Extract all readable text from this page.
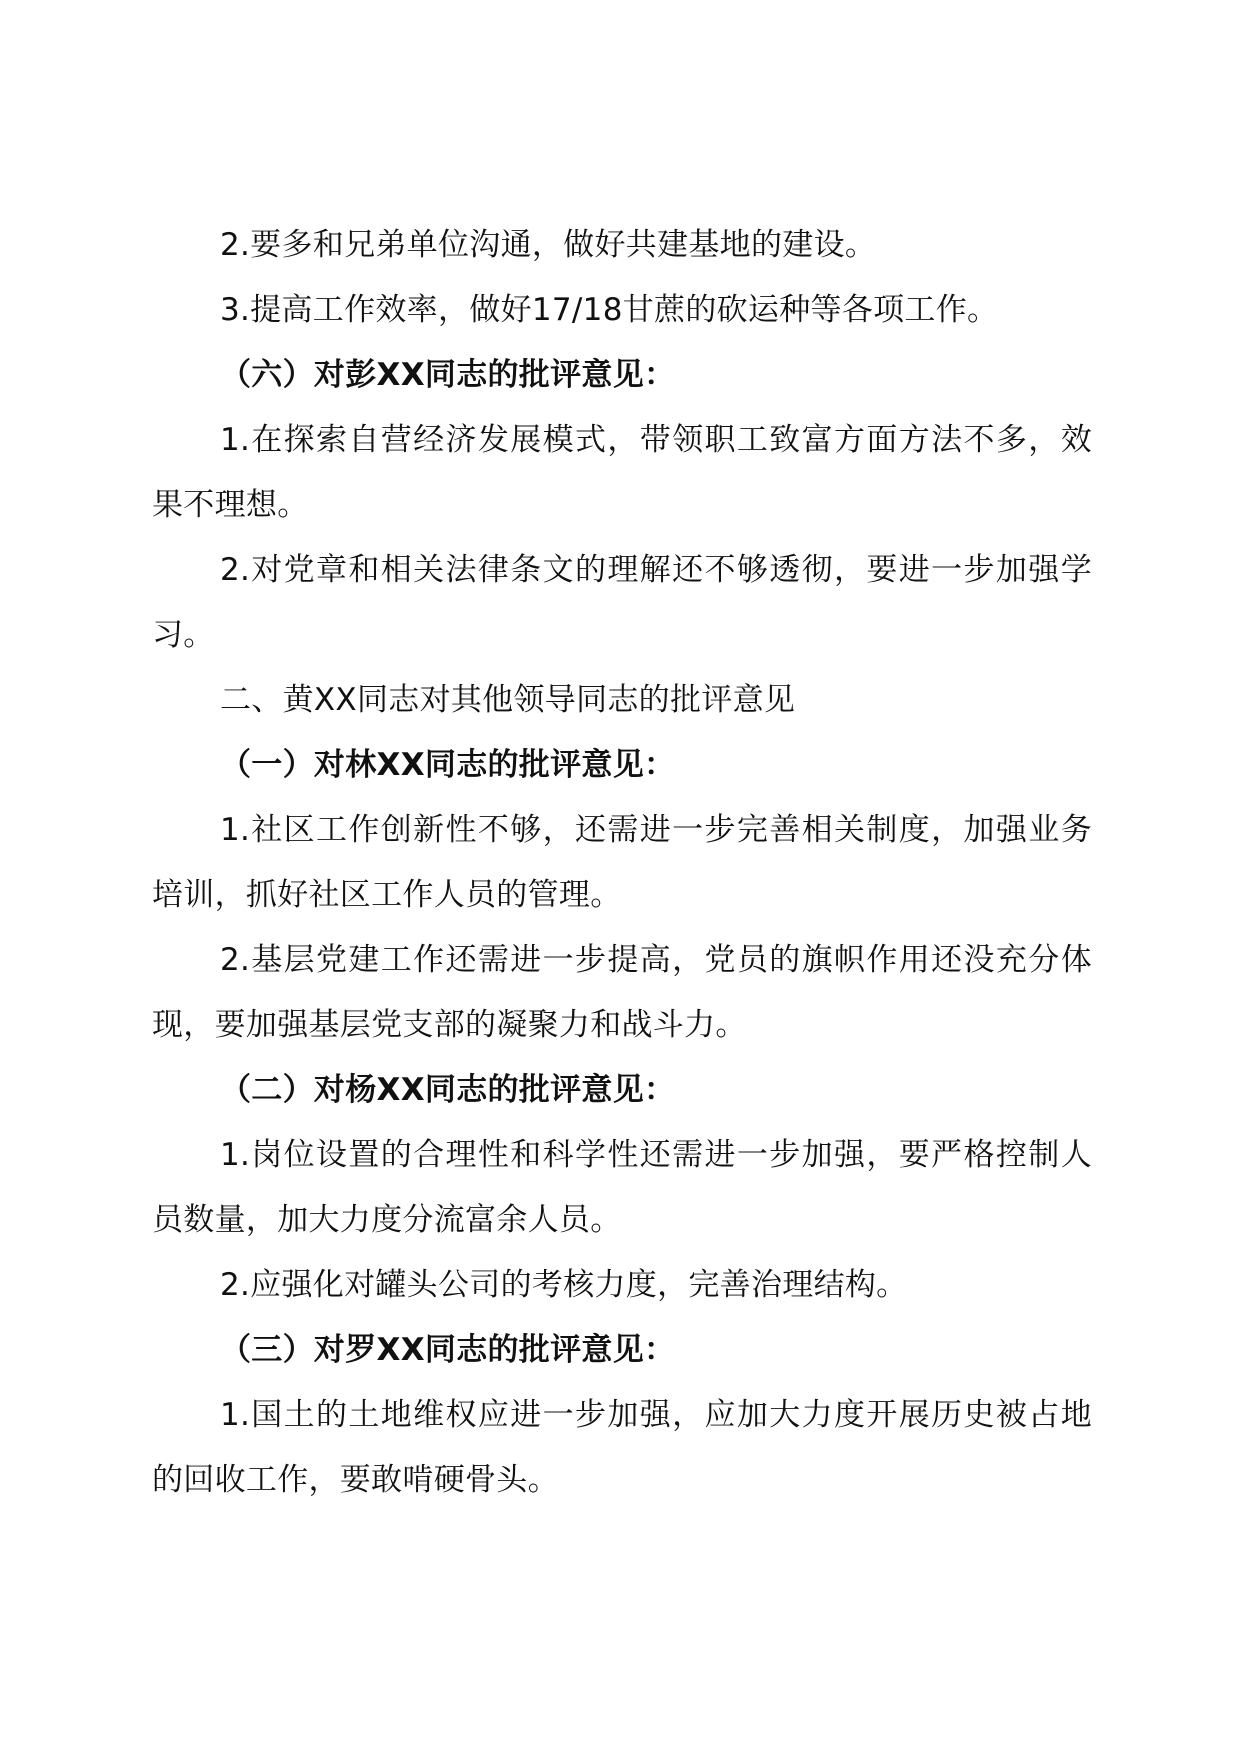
2.要多和兄弟单位沟通，做好共建基地的建设。

3.提高工作效率，做好17/18甘蔗的砍运种等各项工作。

（六）对彭XX同志的批评意见：

1.在探索自营经济发展模式，带领职工致富方面方法不多，效果不理想。

2.对党章和相关法律条文的理解还不够透彻，要进一步加强学习。

二、黄XX同志对其他领导同志的批评意见

（一）对林XX同志的批评意见：

1.社区工作创新性不够，还需进一步完善相关制度，加强业务培训，抓好社区工作人员的管理。

2.基层党建工作还需进一步提高，党员的旗帜作用还没充分体现，要加强基层党支部的凝聚力和战斗力。

（二）对杨XX同志的批评意见：

1.岗位设置的合理性和科学性还需进一步加强，要严格控制人员数量，加大力度分流富余人员。

2.应强化对罐头公司的考核力度，完善治理结构。

（三）对罗XX同志的批评意见：

1.国土的土地维权应进一步加强，应加大力度开展历史被占地的回收工作，要敢啃硬骨头。
